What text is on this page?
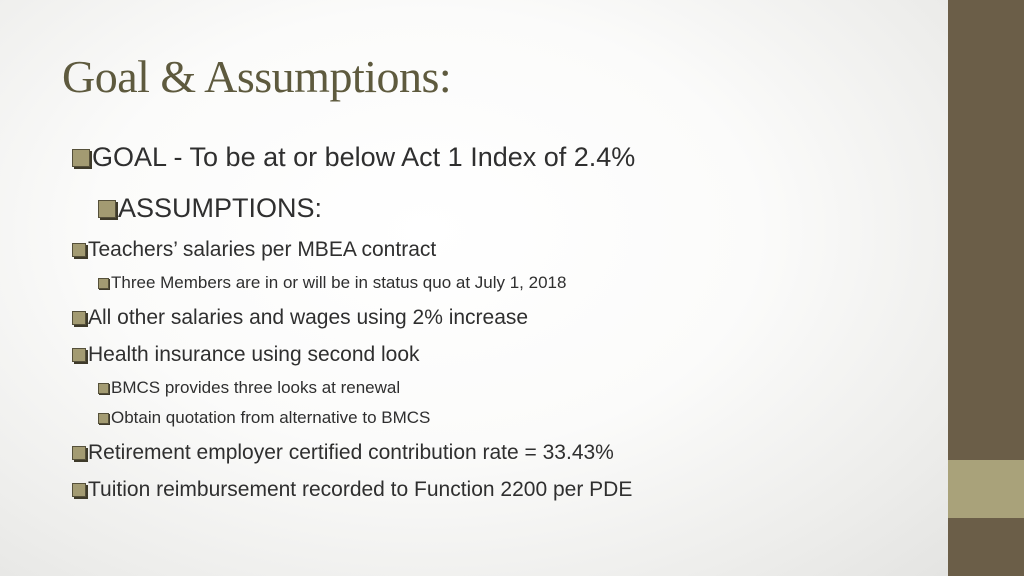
Goal & Assumptions:
GOAL - To be at or below Act 1 Index of 2.4%
ASSUMPTIONS:
Teachers’ salaries per MBEA contract
Three Members are in or will be in status quo at July 1, 2018
All other salaries and wages using 2% increase
Health insurance using second look
BMCS provides three looks at renewal
Obtain quotation from alternative to BMCS
Retirement employer certified contribution rate = 33.43%
Tuition reimbursement recorded to Function 2200 per PDE
